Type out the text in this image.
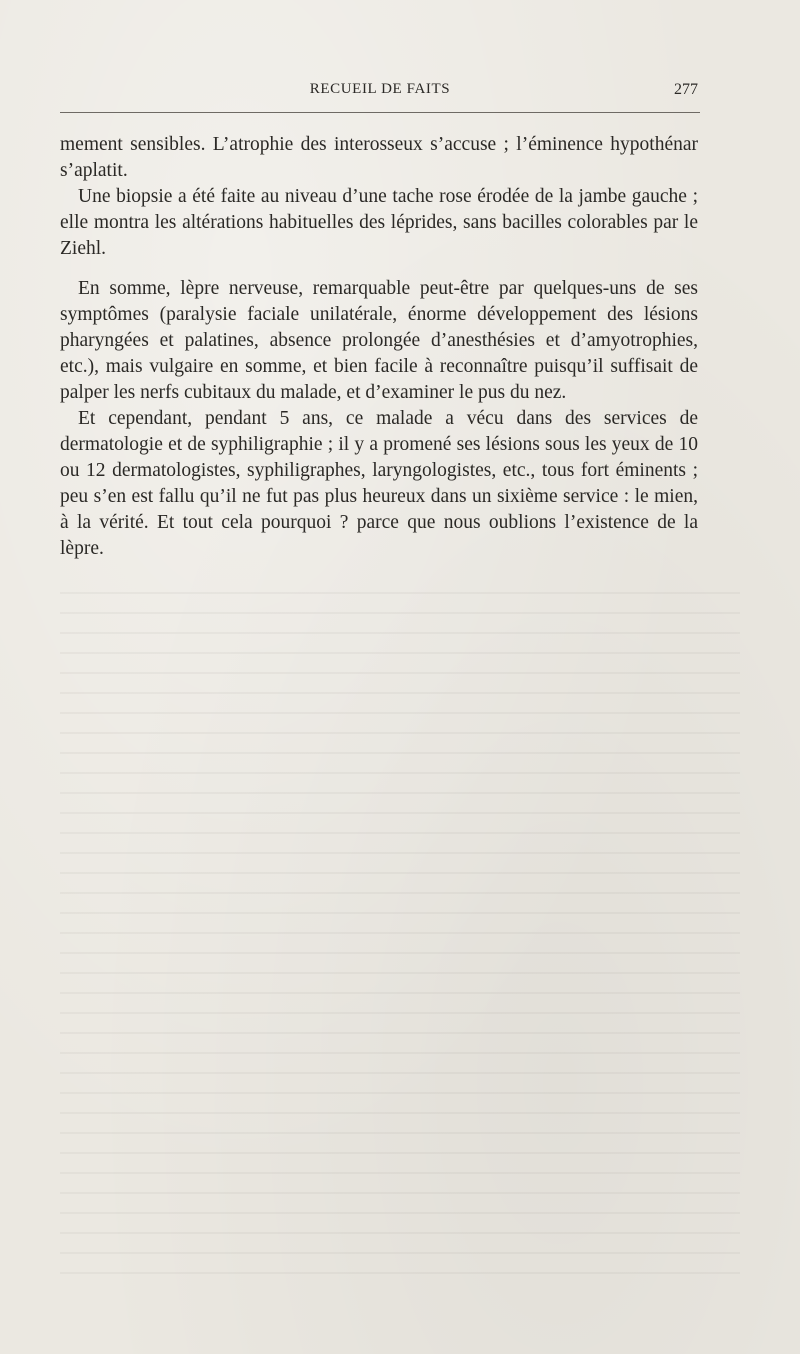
RECUEIL DE FAITS	277

mement sensibles. L’atrophie des interosseux s’accuse ; l’éminence hypothénar s’aplatit.

Une biopsie a été faite au niveau d’une tache rose érodée de la jambe gauche ; elle montra les altérations habituelles des léprides, sans bacilles colorables par le Ziehl.

En somme, lèpre nerveuse, remarquable peut-être par quelques-uns de ses symptômes (paralysie faciale unilatérale, énorme développement des lésions pharyngées et palatines, absence prolongée d’anesthésies et d’amyotrophies, etc.), mais vulgaire en somme, et bien facile à reconnaître puisqu’il suffisait de palper les nerfs cubitaux du malade, et d’examiner le pus du nez.

Et cependant, pendant 5 ans, ce malade a vécu dans des services de dermatologie et de syphiligraphie ; il y a promené ses lésions sous les yeux de 10 ou 12 dermatologistes, syphiligraphes, laryngologistes, etc., tous fort éminents ; peu s’en est fallu qu’il ne fut pas plus heureux dans un sixième service : le mien, à la vérité. Et tout cela pourquoi ? parce que nous oublions l’existence de la lèpre.
